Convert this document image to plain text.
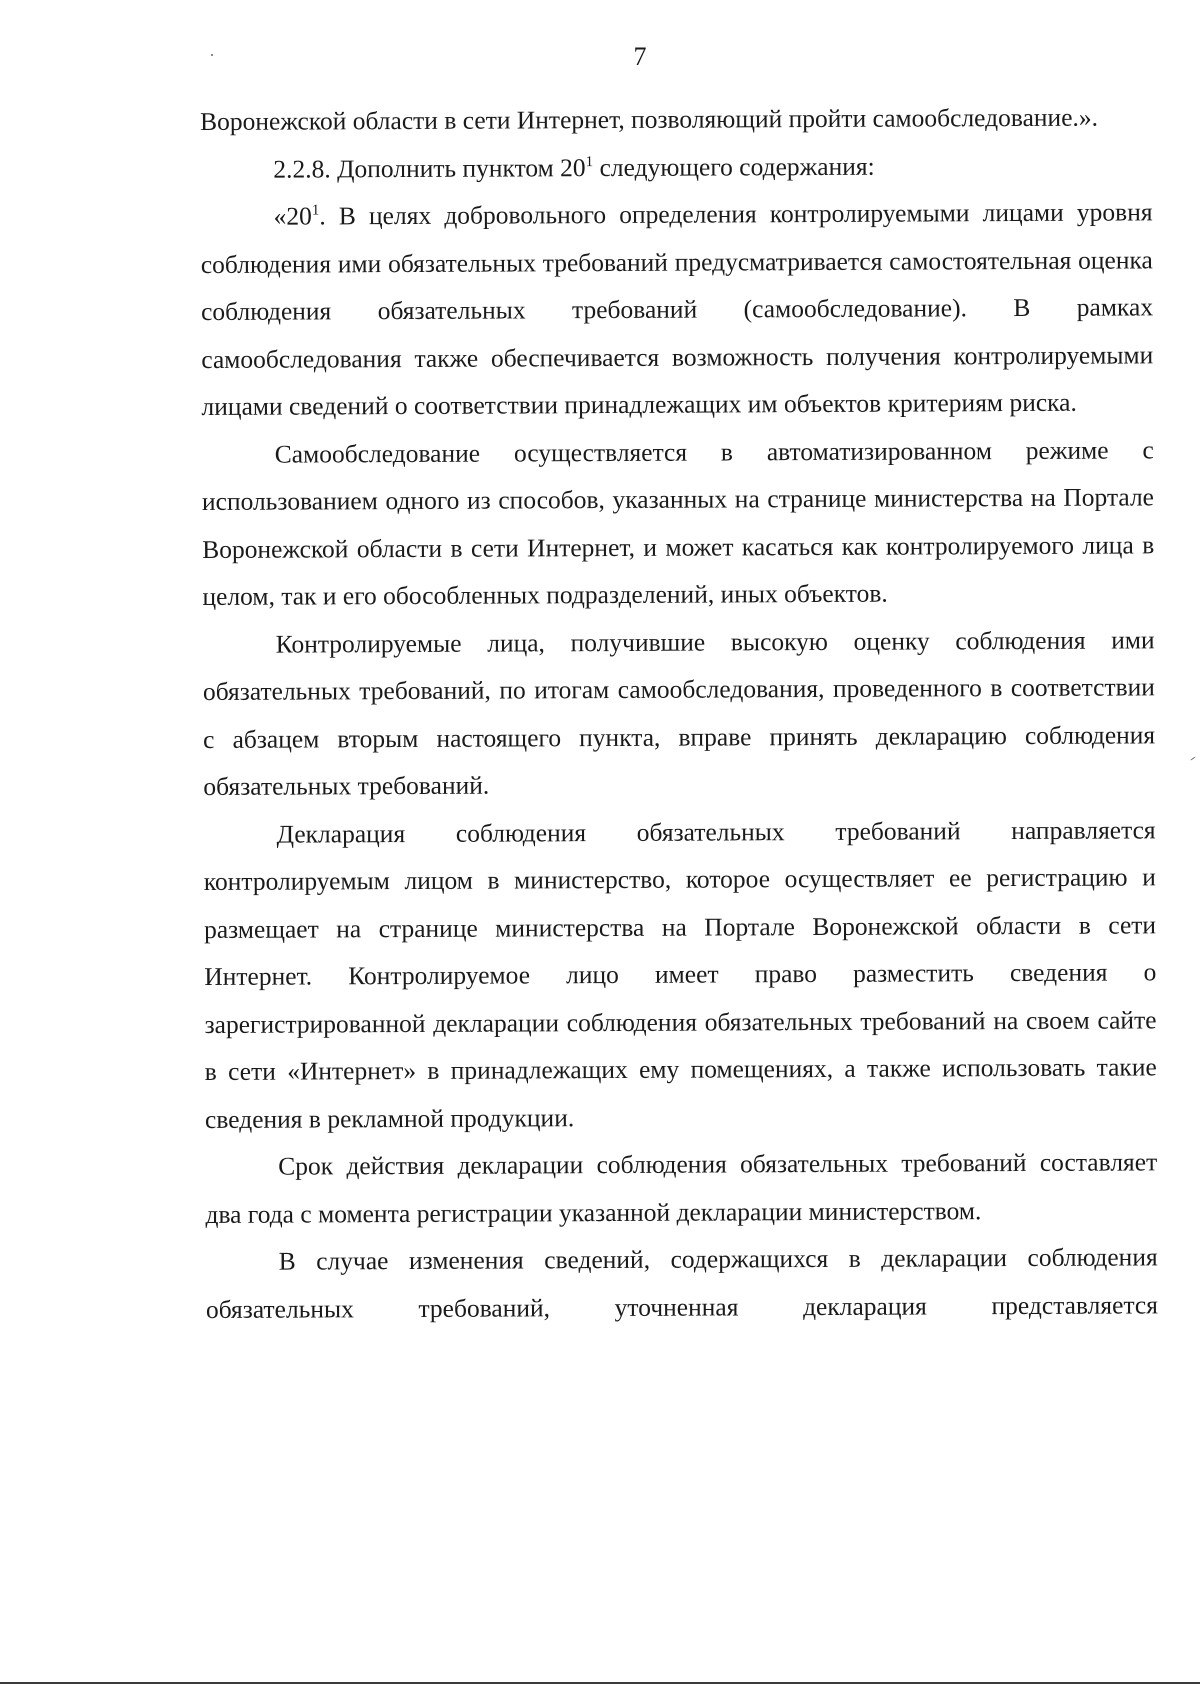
7

Воронежской области в сети Интернет, позволяющий пройти самообследование.».

2.2.8. Дополнить пунктом $20^1$ следующего содержания:

«$20^1$. В целях добровольного определения контролируемыми лицами уровня соблюдения ими обязательных требований предусматривается самостоятельная оценка соблюдения обязательных требований (самообследование). В рамках самообследования также обеспечивается возможность получения контролируемыми лицами сведений о соответствии принадлежащих им объектов критериям риска.

Самообследование осуществляется в автоматизированном режиме с использованием одного из способов, указанных на странице министерства на Портале Воронежской области в сети Интернет, и может касаться как контролируемого лица в целом, так и его обособленных подразделений, иных объектов.

Контролируемые лица, получившие высокую оценку соблюдения ими обязательных требований, по итогам самообследования, проведенного в соответствии с абзацем вторым настоящего пункта, вправе принять декларацию соблюдения обязательных требований.

Декларация соблюдения обязательных требований направляется контролируемым лицом в министерство, которое осуществляет ее регистрацию и размещает на странице министерства на Портале Воронежской области в сети Интернет. Контролируемое лицо имеет право разместить сведения о зарегистрированной декларации соблюдения обязательных требований на своем сайте в сети «Интернет» в принадлежащих ему помещениях, а также использовать такие сведения в рекламной продукции.

Срок действия декларации соблюдения обязательных требований составляет два года с момента регистрации указанной декларации министерством.

В случае изменения сведений, содержащихся в декларации соблюдения обязательных требований, уточненная декларация представляется
